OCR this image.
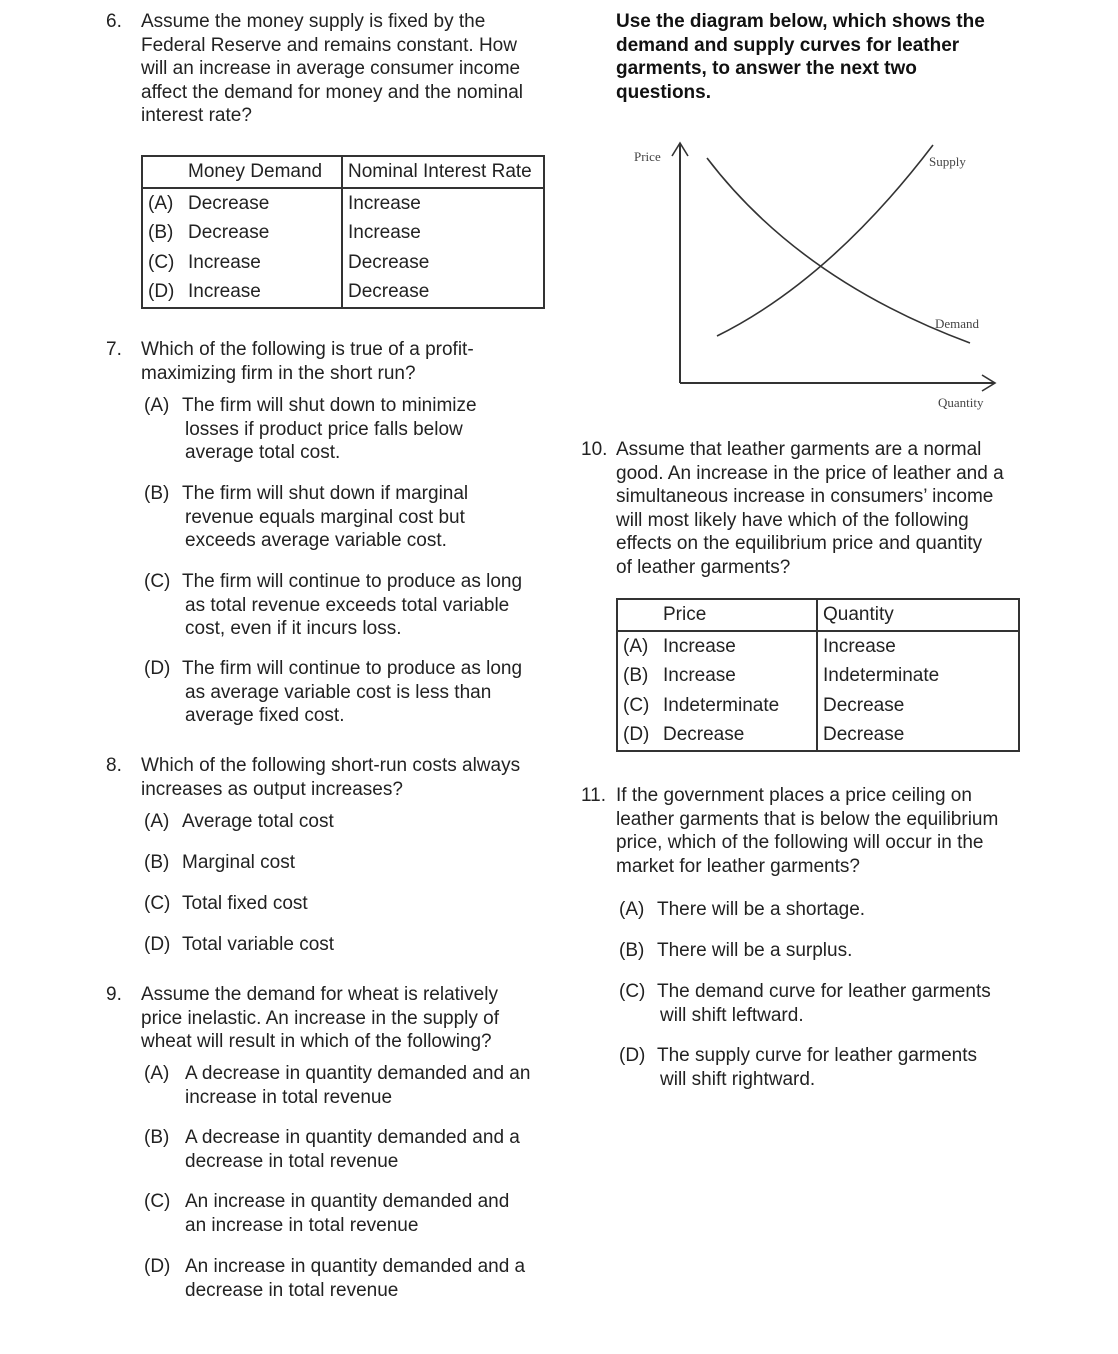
6. Assume the money supply is fixed by the
Federal Reserve and remains constant. How
will an increase in average consumer income
affect the demand for money and the nominal
interest rate?
Money Demand	Nominal Interest Rate
(A) Decrease	Increase
(B) Decrease	Increase
(C) Increase	Decrease
(D) Increase	Decrease
7. Which of the following is true of a profit-
maximizing firm in the short run?
(A) The firm will shut down to minimize
losses if product price falls below
average total cost.
(B) The firm will shut down if marginal
revenue equals marginal cost but
exceeds average variable cost.
(C) The firm will continue to produce as long
as total revenue exceeds total variable
cost, even if it incurs loss.
(D) The firm will continue to produce as long
as average variable cost is less than
average fixed cost.
8. Which of the following short-run costs always
increases as output increases?
(A) Average total cost
(B) Marginal cost
(C) Total fixed cost
(D) Total variable cost
9. Assume the demand for wheat is relatively
price inelastic. An increase in the supply of
wheat will result in which of the following?
(A) A decrease in quantity demanded and an
increase in total revenue
(B) A decrease in quantity demanded and a
decrease in total revenue
(C) An increase in quantity demanded and
an increase in total revenue
(D) An increase in quantity demanded and a
decrease in total revenue
Use the diagram below, which shows the
demand and supply curves for leather
garments, to answer the next two
questions.
Price	Supply
Demand
Quantity
10. Assume that leather garments are a normal
good. An increase in the price of leather and a
simultaneous increase in consumers’ income
will most likely have which of the following
effects on the equilibrium price and quantity
of leather garments?
Price	Quantity
(A) Increase	Increase
(B) Increase	Indeterminate
(C) Indeterminate	Decrease
(D) Decrease	Decrease
11. If the government places a price ceiling on
leather garments that is below the equilibrium
price, which of the following will occur in the
market for leather garments?
(A) There will be a shortage.
(B) There will be a surplus.
(C) The demand curve for leather garments
will shift leftward.
(D) The supply curve for leather garments
will shift rightward.
